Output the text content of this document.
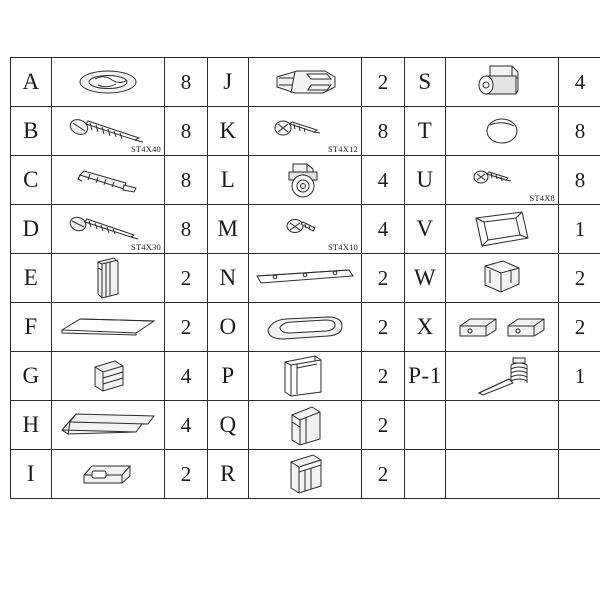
A		8	J		2	S		4
B	ST4X40	8	K	ST4X12	8	T		8
C		8	L		4	U	ST4X8	8
D	ST4X30	8	M	ST4X10	4	V		1
E		2	N		2	W		2
F		2	O		2	X		2
G		4	P		2	P-1		1
H		4	Q		2			
I		2	R		2			
